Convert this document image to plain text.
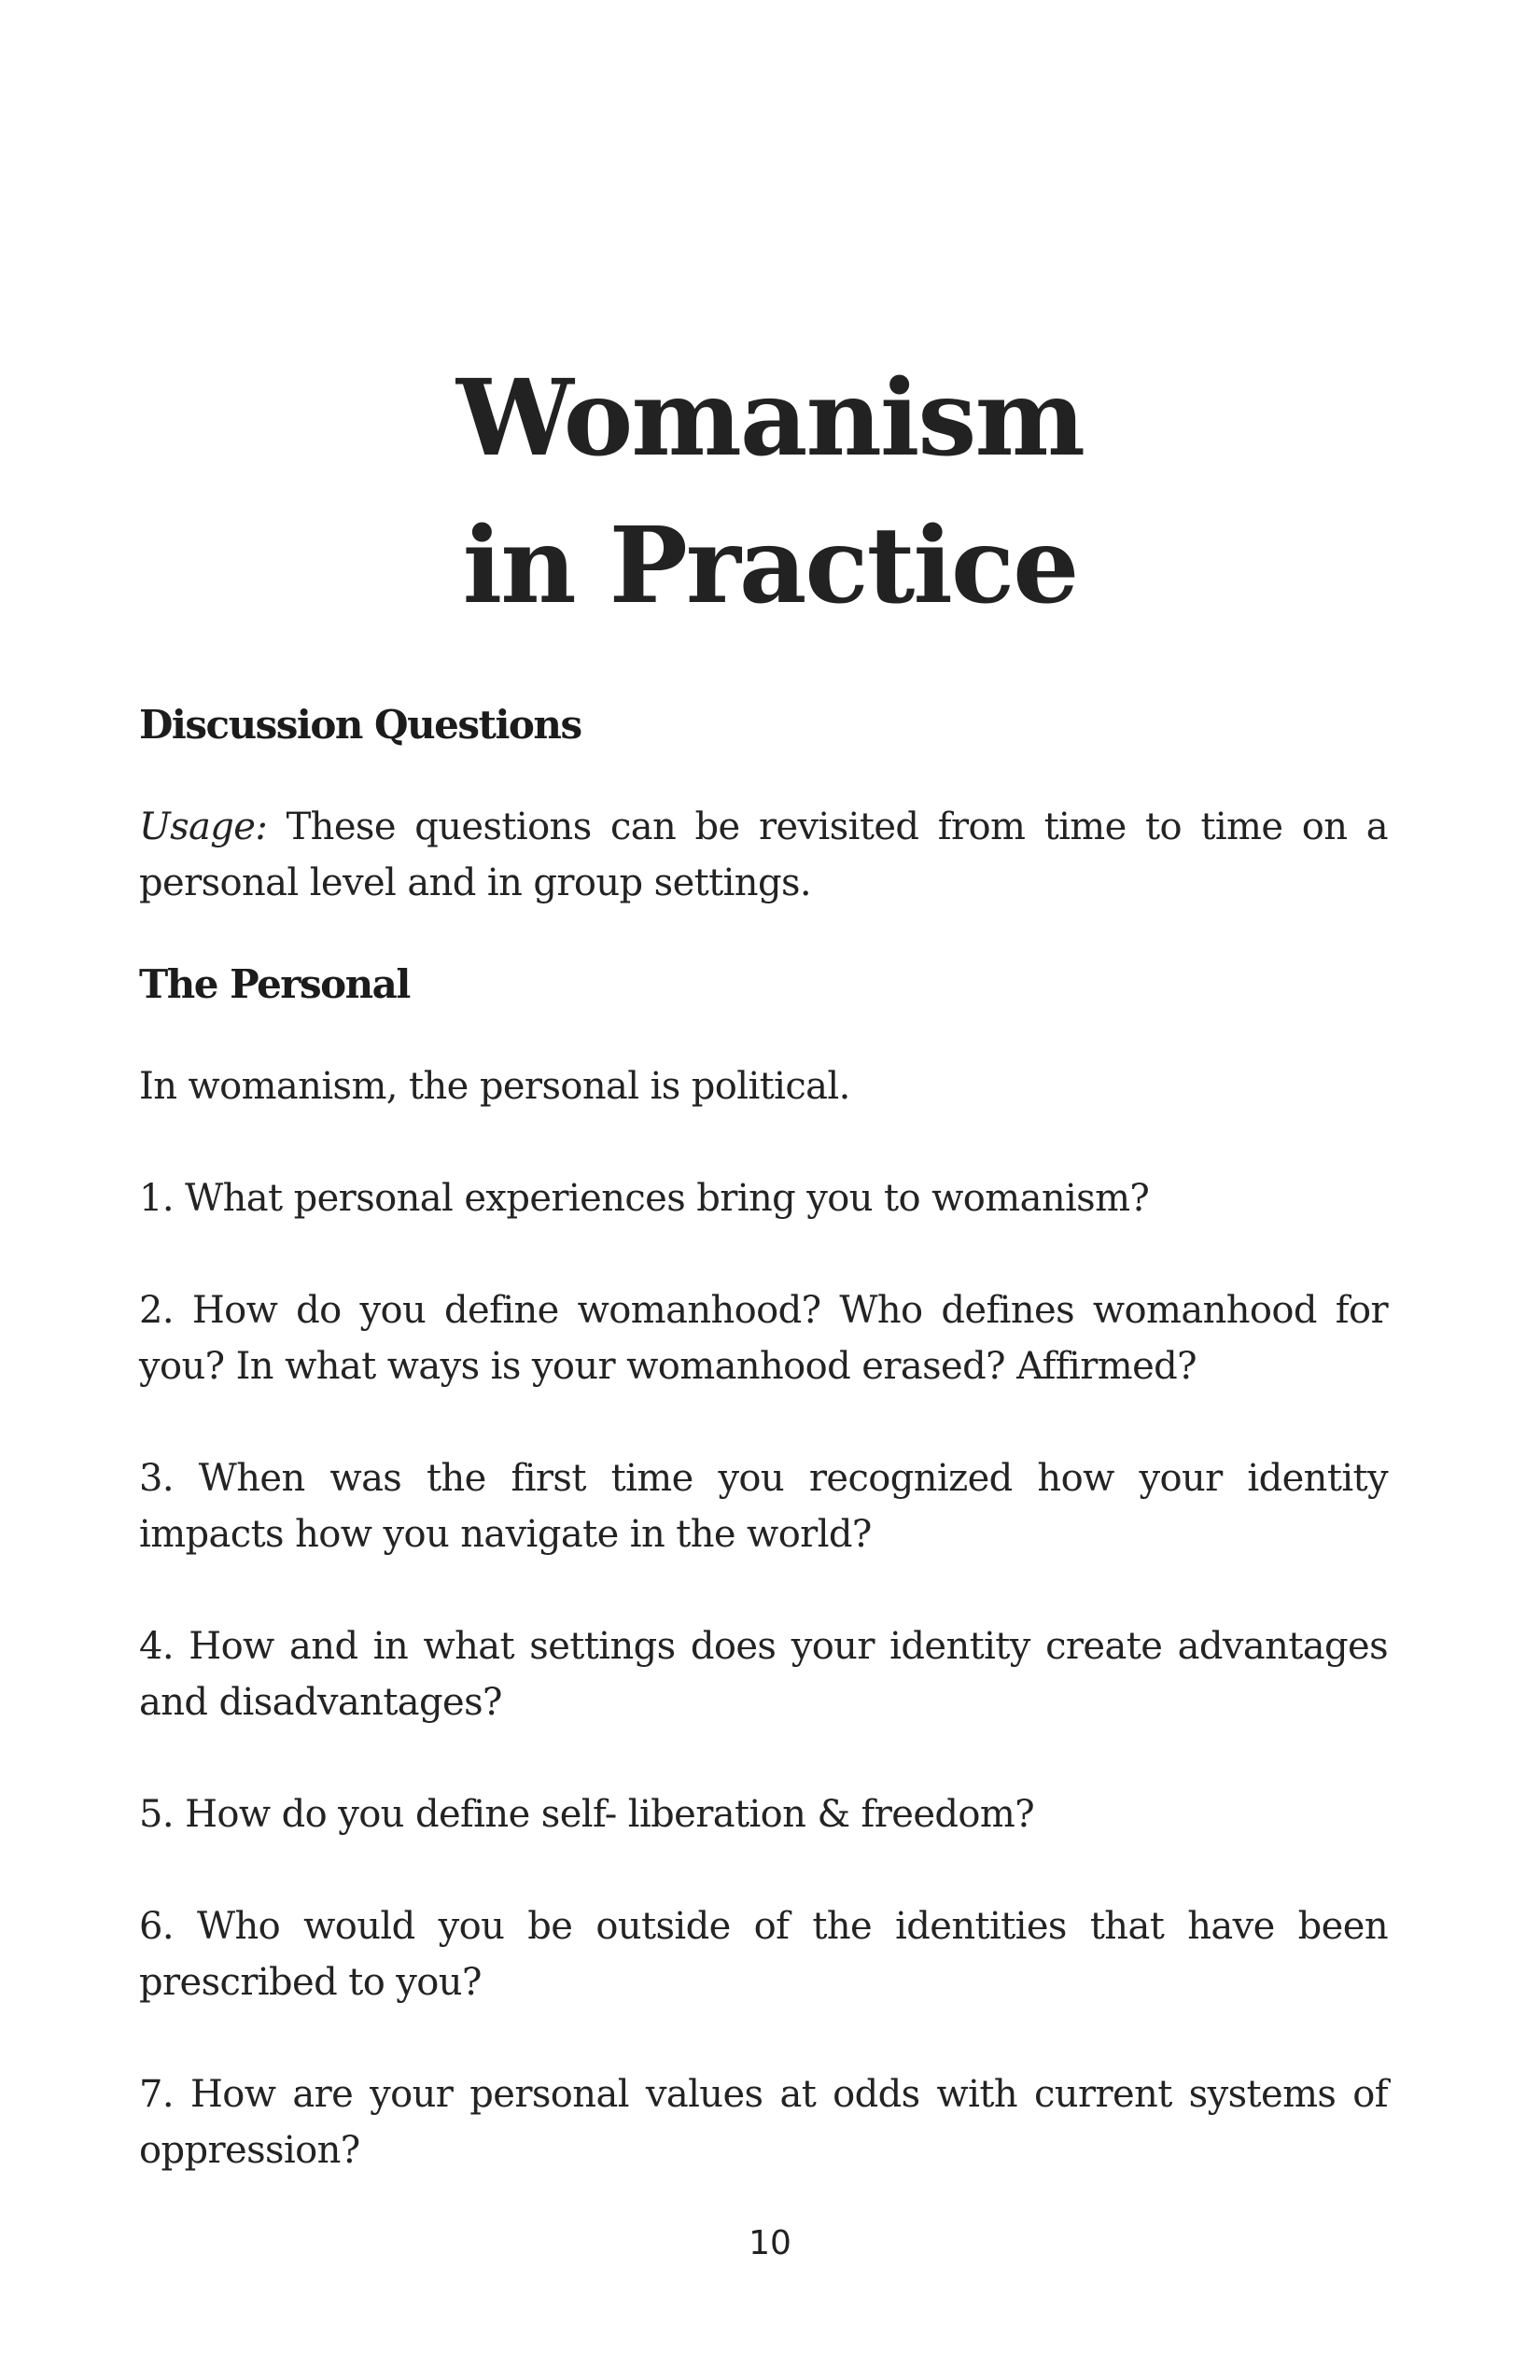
Womanism
in Practice

Discussion Questions

Usage: These questions can be revisited from time to time on a personal level and in group settings.

The Personal

In womanism, the personal is political.

1. What personal experiences bring you to womanism?

2. How do you define womanhood? Who defines womanhood for you? In what ways is your womanhood erased? Affirmed?

3. When was the first time you recognized how your identity impacts how you navigate in the world?

4. How and in what settings does your identity create advantages and disadvantages?

5. How do you define self- liberation & freedom?

6. Who would you be outside of the identities that have been prescribed to you?

7. How are your personal values at odds with current systems of oppression?

10
